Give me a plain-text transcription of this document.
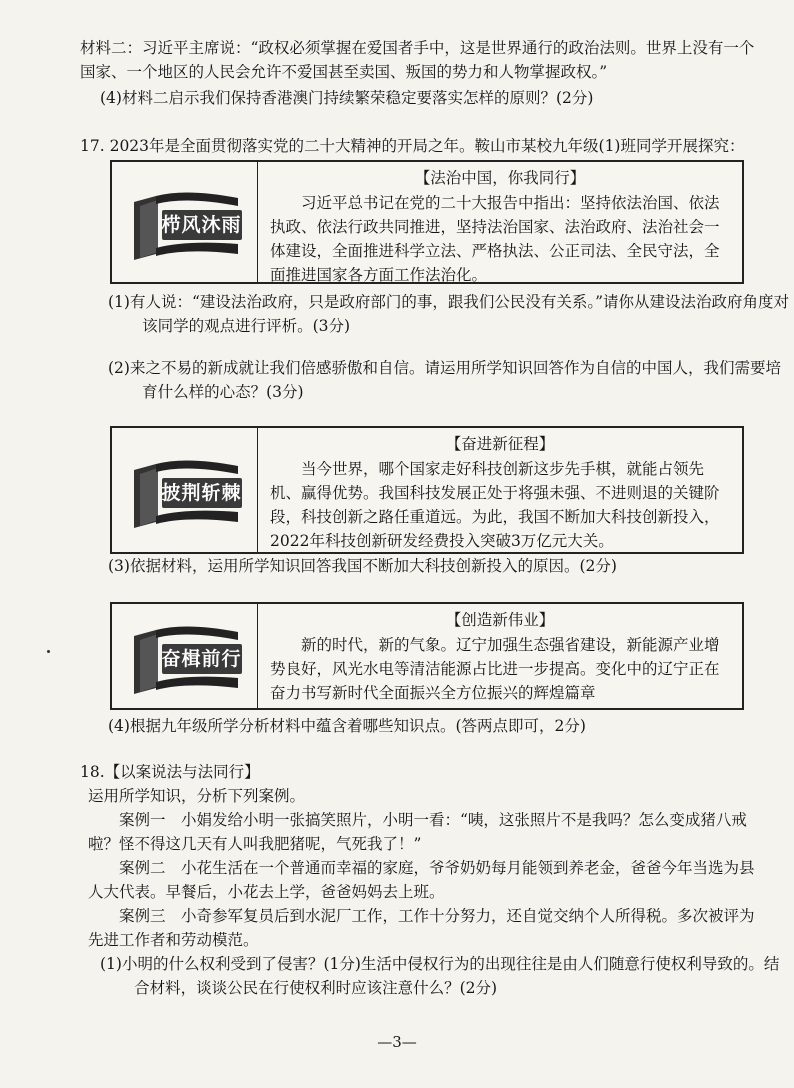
材料二：习近平主席说：“政权必须掌握在爱国者手中，这是世界通行的政治法则。世界上没有一个国家、一个地区的人民会允许不爱国甚至卖国、叛国的势力和人物掌握政权。”

(4)材料二启示我们保持香港澳门持续繁荣稳定要落实怎样的原则？(2分)

17. 2023年是全面贯彻落实党的二十大精神的开局之年。鞍山市某校九年级(1)班同学开展探究：

栉风沐雨

【法治中国，你我同行】

习近平总书记在党的二十大报告中指出：坚持依法治国、依法执政、依法行政共同推进，坚持法治国家、法治政府、法治社会一体建设，全面推进科学立法、严格执法、公正司法、全民守法，全面推进国家各方面工作法治化。

(1)有人说：“建设法治政府，只是政府部门的事，跟我们公民没有关系。”请你从建设法治政府角度对该同学的观点进行评析。(3分)

(2)来之不易的新成就让我们倍感骄傲和自信。请运用所学知识回答作为自信的中国人，我们需要培育什么样的心态？(3分)

披荆斩棘

【奋进新征程】

当今世界，哪个国家走好科技创新这步先手棋，就能占领先机、赢得优势。我国科技发展正处于将强未强、不进则退的关键阶段，科技创新之路任重道远。为此，我国不断加大科技创新投入，2022年科技创新研发经费投入突破3万亿元大关。

(3)依据材料，运用所学知识回答我国不断加大科技创新投入的原因。(2分)

奋楫前行

【创造新伟业】

新的时代，新的气象。辽宁加强生态强省建设，新能源产业增势良好，风光水电等清洁能源占比进一步提高。变化中的辽宁正在奋力书写新时代全面振兴全方位振兴的辉煌篇章

(4)根据九年级所学分析材料中蕴含着哪些知识点。(答两点即可，2分)

18.【以案说法与法同行】

运用所学知识，分析下列案例。

案例一　小娟发给小明一张搞笑照片，小明一看：“咦，这张照片不是我吗？怎么变成猪八戒啦？怪不得这几天有人叫我肥猪呢，气死我了！”

案例二　小花生活在一个普通而幸福的家庭，爷爷奶奶每月能领到养老金，爸爸今年当选为县人大代表。早餐后，小花去上学，爸爸妈妈去上班。

案例三　小奇参军复员后到水泥厂工作，工作十分努力，还自觉交纳个人所得税。多次被评为先进工作者和劳动模范。

(1)小明的什么权利受到了侵害？(1分)生活中侵权行为的出现往往是由人们随意行使权利导致的。结合材料，谈谈公民在行使权利时应该注意什么？(2分)

—3—
